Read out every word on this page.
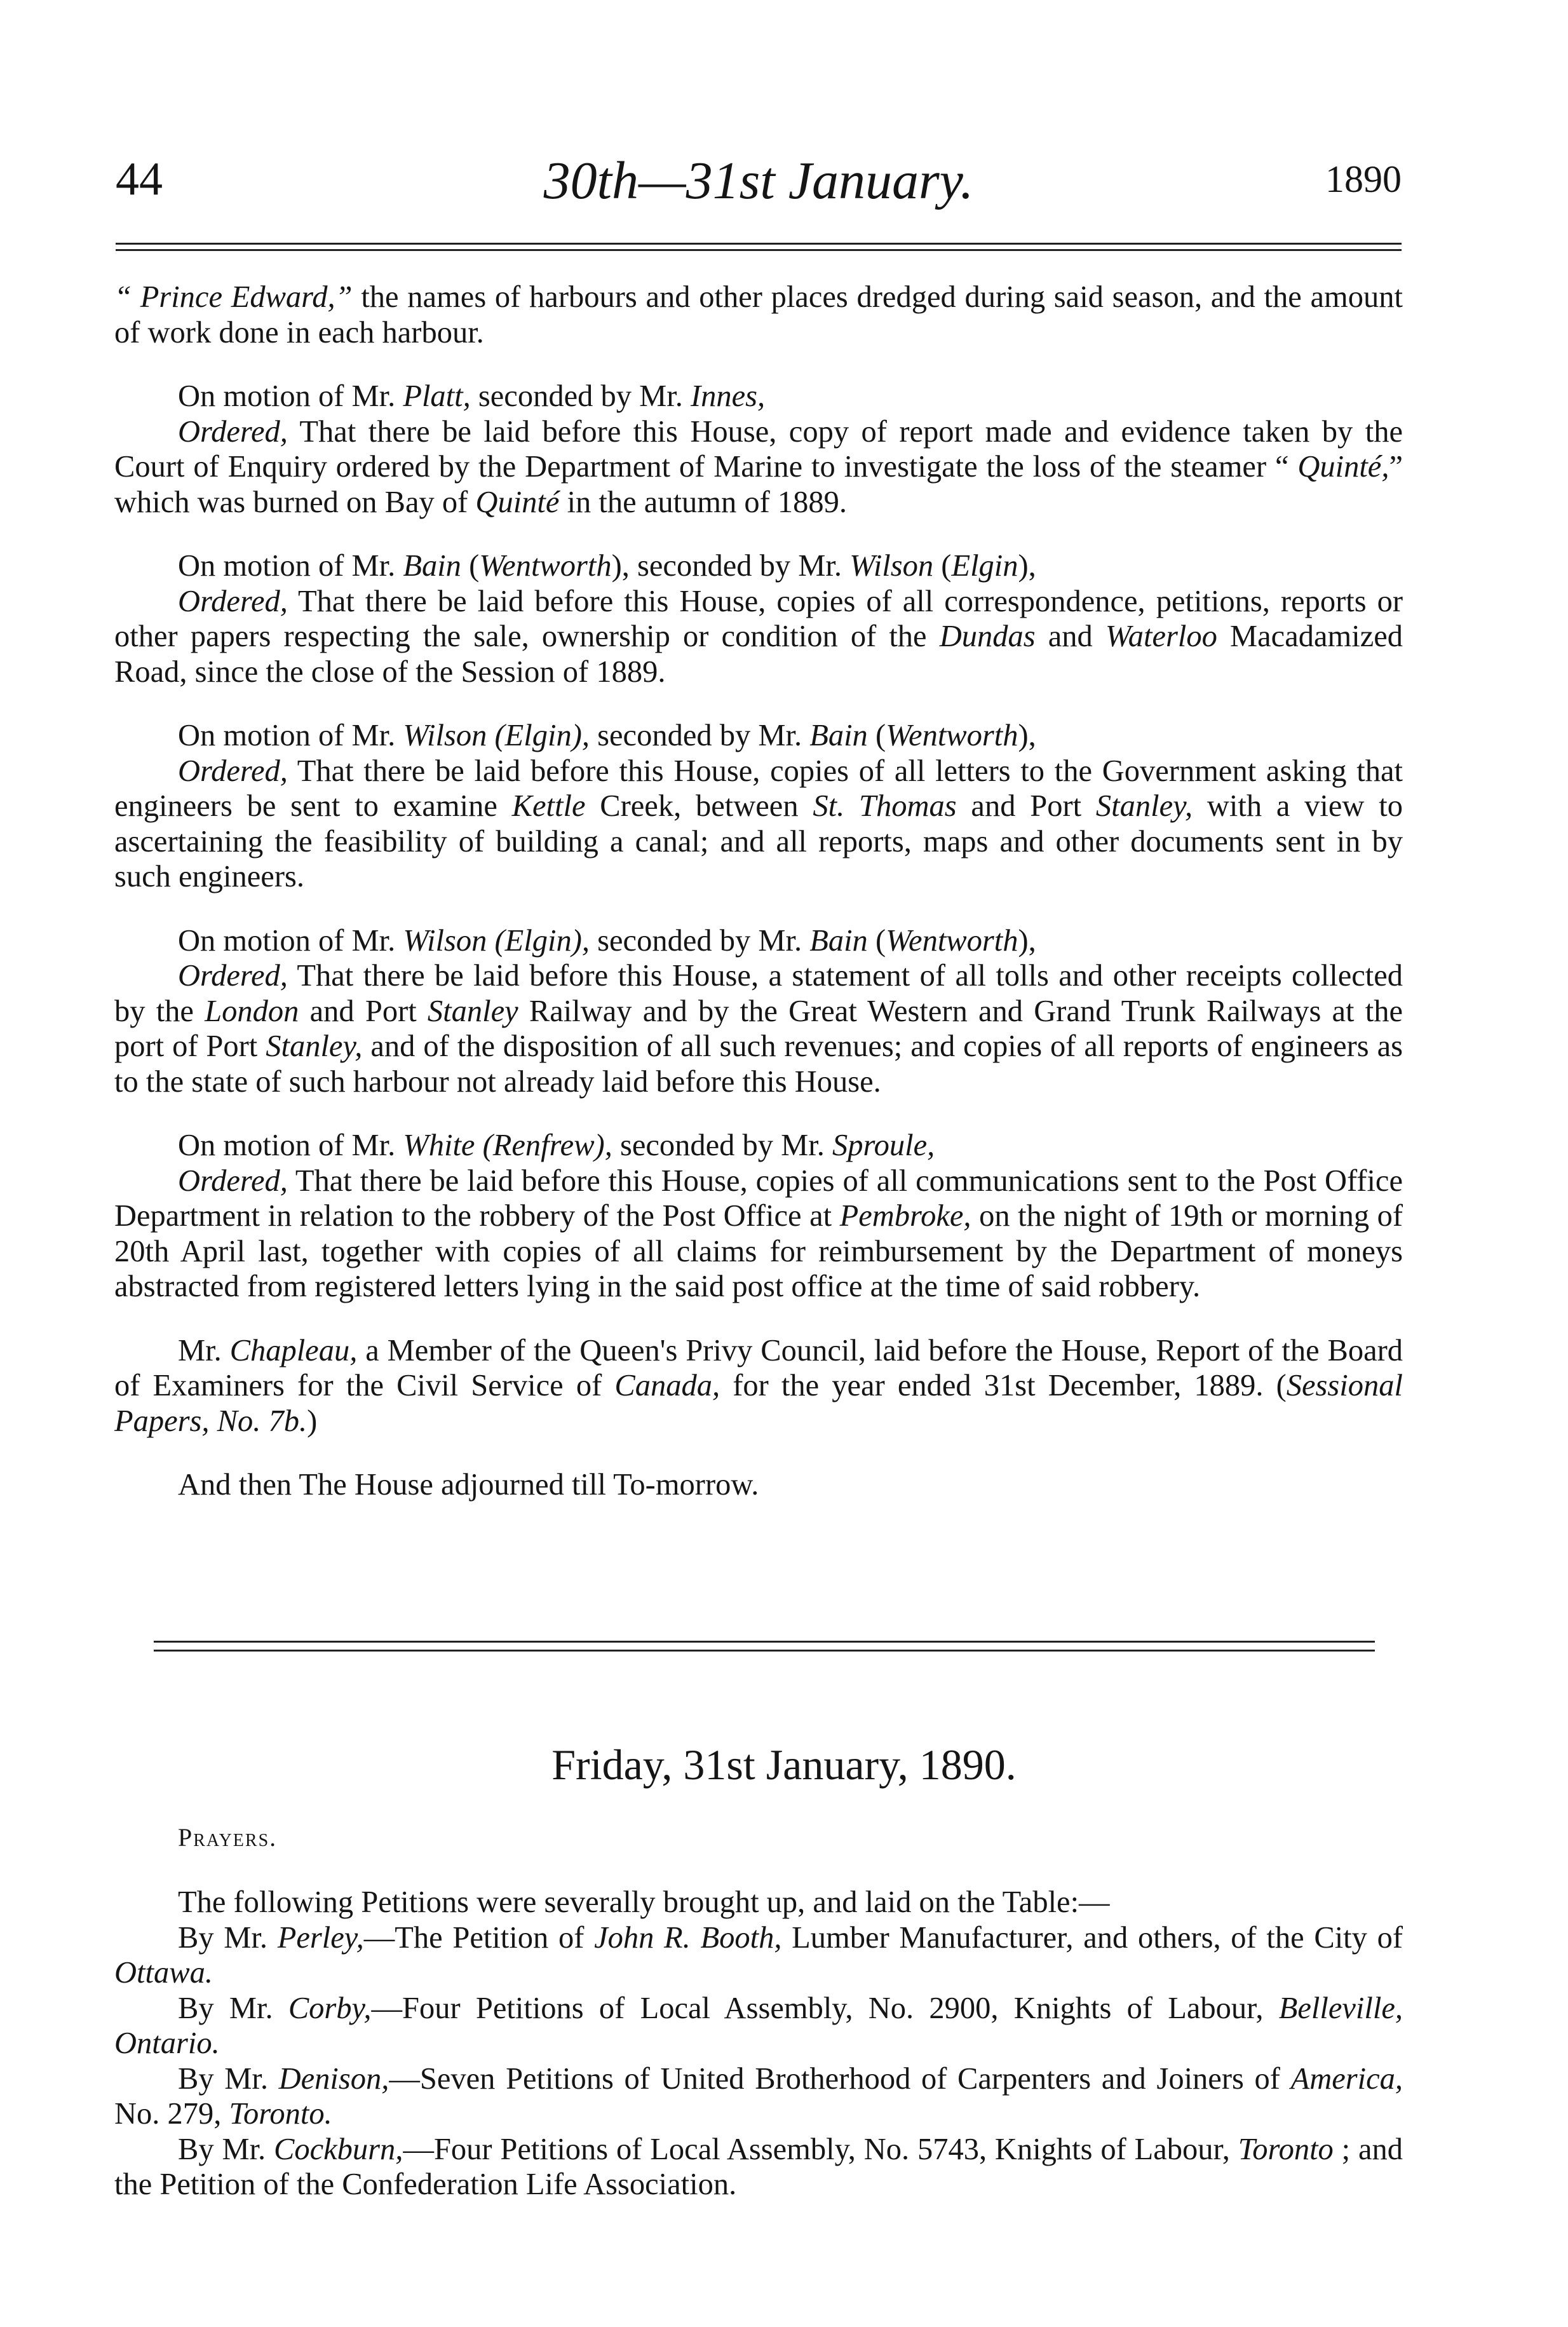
44	30th—31st January.	1890

“ Prince Edward,” the names of harbours and other places dredged during said season, and the amount of work done in each harbour.

On motion of Mr. Platt, seconded by Mr. Innes,

Ordered, That there be laid before this House, copy of report made and evidence taken by the Court of Enquiry ordered by the Department of Marine to investigate the loss of the steamer “ Quinté,” which was burned on Bay of Quinté in the autumn of 1889.

On motion of Mr. Bain (Wentworth), seconded by Mr. Wilson (Elgin),

Ordered, That there be laid before this House, copies of all correspondence, petitions, reports or other papers respecting the sale, ownership or condition of the Dundas and Waterloo Macadamized Road, since the close of the Session of 1889.

On motion of Mr. Wilson (Elgin), seconded by Mr. Bain (Wentworth),

Ordered, That there be laid before this House, copies of all letters to the Government asking that engineers be sent to examine Kettle Creek, between St. Thomas and Port Stanley, with a view to ascertaining the feasibility of building a canal; and all reports, maps and other documents sent in by such engineers.

On motion of Mr. Wilson (Elgin), seconded by Mr. Bain (Wentworth),

Ordered, That there be laid before this House, a statement of all tolls and other receipts collected by the London and Port Stanley Railway and by the Great Western and Grand Trunk Railways at the port of Port Stanley, and of the disposition of all such revenues; and copies of all reports of engineers as to the state of such harbour not already laid before this House.

On motion of Mr. White (Renfrew), seconded by Mr. Sproule,

Ordered, That there be laid before this House, copies of all communications sent to the Post Office Department in relation to the robbery of the Post Office at Pembroke, on the night of 19th or morning of 20th April last, together with copies of all claims for reimbursement by the Department of moneys abstracted from registered letters lying in the said post office at the time of said robbery.

Mr. Chapleau, a Member of the Queen's Privy Council, laid before the House, Report of the Board of Examiners for the Civil Service of Canada, for the year ended 31st December, 1889. (Sessional Papers, No. 7b.)

And then The House adjourned till To-morrow.

Friday, 31st January, 1890.
Prayers.

The following Petitions were severally brought up, and laid on the Table:—

By Mr. Perley,—The Petition of John R. Booth, Lumber Manufacturer, and others, of the City of Ottawa.

By Mr. Corby,—Four Petitions of Local Assembly, No. 2900, Knights of Labour, Belleville, Ontario.

By Mr. Denison,—Seven Petitions of United Brotherhood of Carpenters and Joiners of America, No. 279, Toronto.

By Mr. Cockburn,—Four Petitions of Local Assembly, No. 5743, Knights of Labour, Toronto ; and the Petition of the Confederation Life Association.
